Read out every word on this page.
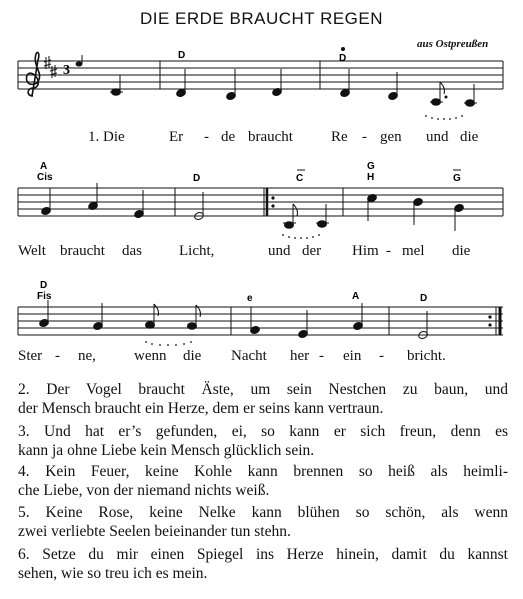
DIE ERDE BRAUCHT REGEN
aus Ostpreußen
3
D	D
A
Cis	D	C
G
H	G
D
Fis	e	A	D
1. Die	Er - de braucht	Re - gen und die
Welt braucht das Licht,	und der Him - mel die
Ster - ne,	wenn die Nacht her - ein - bricht.
2. Der Vogel braucht Äste, um sein Nestchen zu baun, und
der Mensch braucht ein Herze, dem er seins kann vertraun.
3. Und hat er’s gefunden, ei, so kann er sich freun, denn es
kann ja ohne Liebe kein Mensch glücklich sein.
4. Kein Feuer, keine Kohle kann brennen so heiß als heimli-
che Liebe, von der niemand nichts weiß.
5. Keine Rose, keine Nelke kann blühen so schön, als wenn
zwei verliebte Seelen beieinander tun stehn.
6. Setze du mir einen Spiegel ins Herze hinein, damit du kannst
sehen, wie so treu ich es mein.
